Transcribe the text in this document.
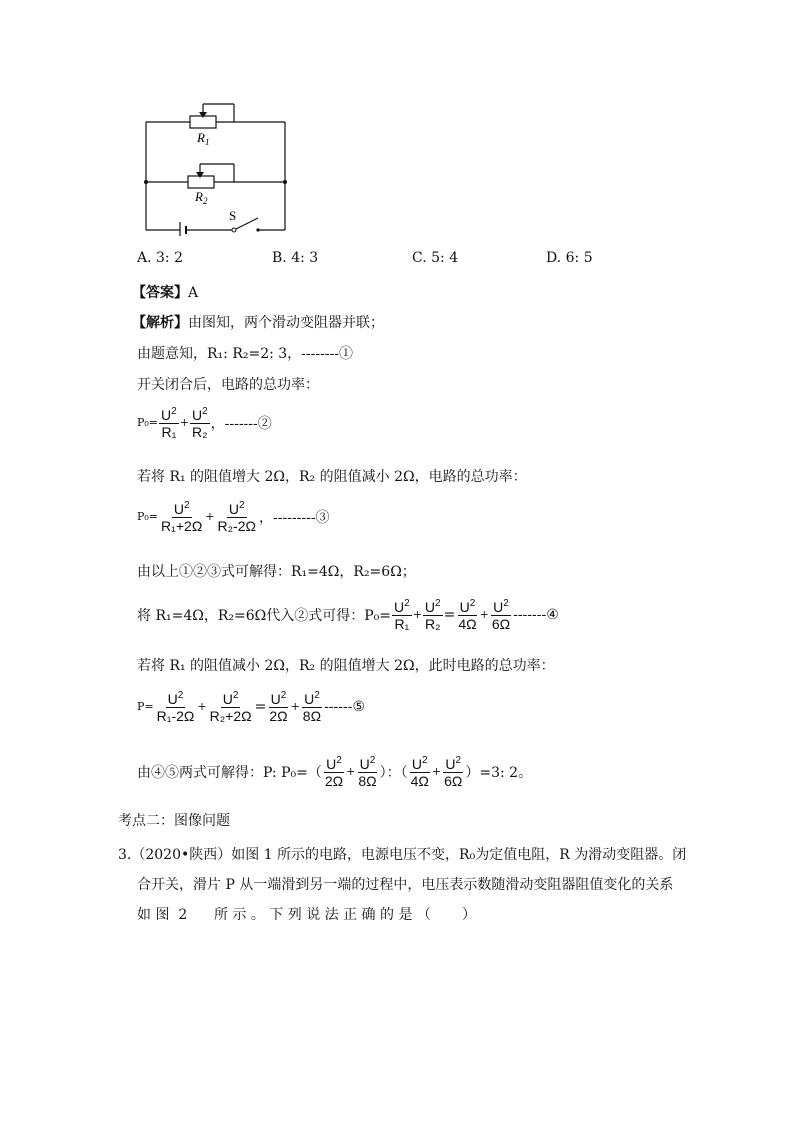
$R_1$
$R_2$
S
A. 3: 2	B. 4: 3	C. 5: 4	D. 6: 5
【答案】A
【解析】由图知，两个滑动变阻器并联；
由题意知，R₁: R₂=2: 3，--------①
开关闭合后，电路的总功率：
$P_0= \frac{U^2}{\text{R₁}} + \frac{U^2}{\text{R₂}}$ ，-------②
若将 R₁ 的阻值增大 2Ω，R₂ 的阻值减小 2Ω，电路的总功率：
$P_0= \frac{U^2}{\text{R₁+2Ω}} + \frac{U^2}{\text{R₂-2Ω}}$ ，---------③
由以上①②③式可解得：R₁=4Ω，R₂=6Ω；
将 R₁=4Ω，R₂=6Ω代入②式可得：$P_0= \frac{U^2}{\text{R₁}} + \frac{U^2}{\text{R₂}} = \frac{U^2}{4\Omega} + \frac{U^2}{6\Omega}$ -------④
若将 R₁ 的阻值减小 2Ω，R₂ 的阻值增大 2Ω，此时电路的总功率：
$P= \frac{U^2}{\text{R₁-2Ω}} + \frac{U^2}{\text{R₂+2Ω}} = \frac{U^2}{2\Omega} + \frac{U^2}{8\Omega}$ ------⑤
由④⑤两式可解得：P: P₀=（
$U^2$
2Ω
+ $\frac{U^2}{8\Omega}$ ）：（
$U^2$
4Ω
+ $\frac{U^2}{6\Omega} )=3$: 2。
考点二：图像问题
3.（2020•陕西）如图 1 所示的电路，电源电压不变，R₀为定值电阻，R 为滑动变阻器。闭
合开关，滑片 P 从一端滑到另一端的过程中，电压表示数随滑动变阻器阻值变化的关系
如 图  2      所 示 。 下 列 说 法 正 确 的 是 （       ）
